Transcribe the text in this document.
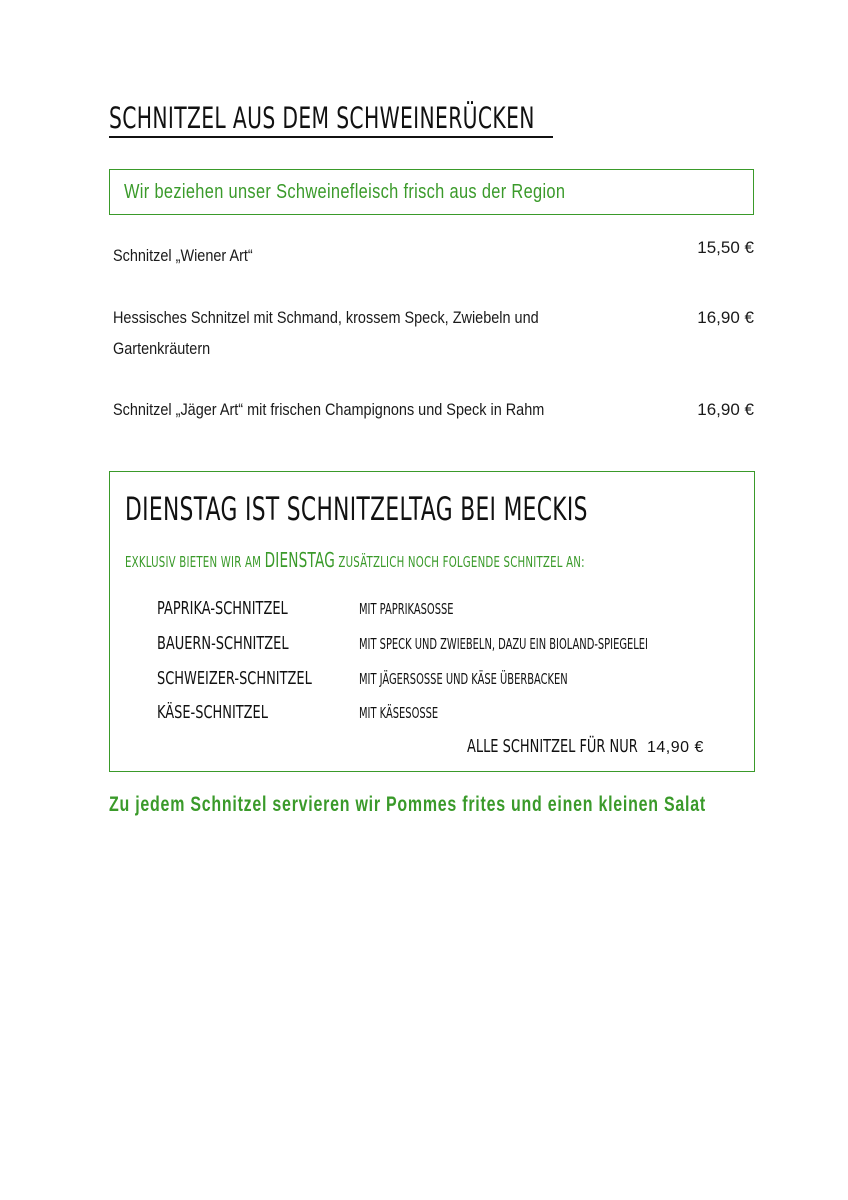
SCHNITZEL AUS DEM SCHWEINERÜCKEN
Wir beziehen unser Schweinefleisch frisch aus der Region
Schnitzel „Wiener Art“	15,50 €
Hessisches Schnitzel mit Schmand, krossem Speck, Zwiebeln und
Gartenkräutern
16,90 €
Schnitzel „Jäger Art“ mit frischen Champignons und Speck in Rahm	16,90 €
DIENSTAG IST SCHNITZELTAG BEI MECKIS
EXKLUSIV BIETEN WIR AM DIENSTAG ZUSÄTZLICH NOCH FOLGENDE SCHNITZEL AN:
PAPRIKA-SCHNITZEL	MIT PAPRIKASOSSE
BAUERN-SCHNITZEL	MIT SPECK UND ZWIEBELN, DAZU EIN BIOLAND-SPIEGELEI
SCHWEIZER-SCHNITZEL	MIT JÄGERSOSSE UND KÄSE ÜBERBACKEN
KÄSE-SCHNITZEL	MIT KÄSESOSSE
ALLE SCHNITZEL FÜR NUR 14,90 €
Zu jedem Schnitzel servieren wir Pommes frites und einen kleinen Salat
